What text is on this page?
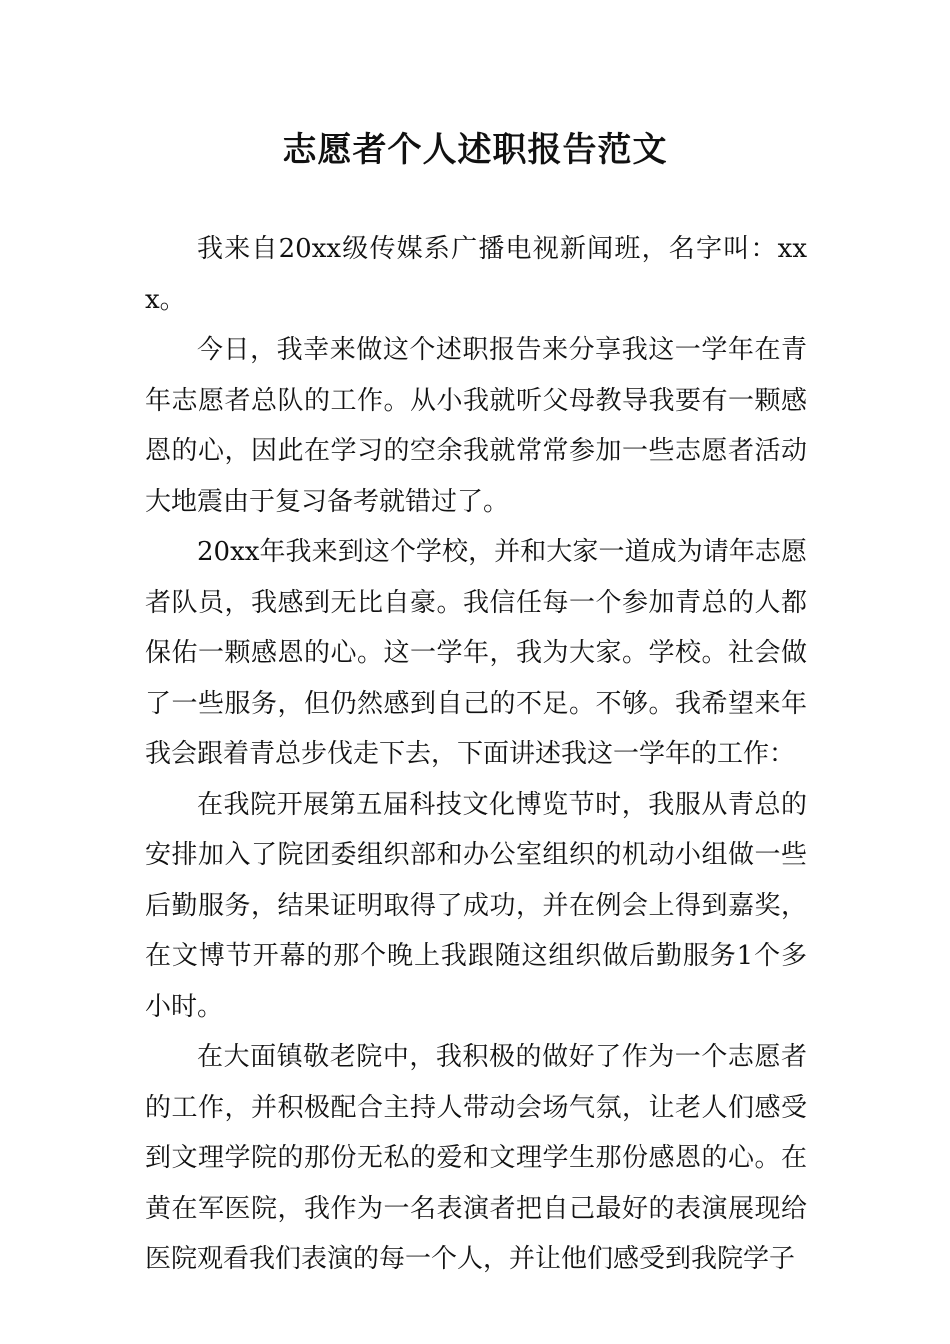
志愿者个人述职报告范文

我来自20xx级传媒系广播电视新闻班，名字叫：xxx。

今日，我幸来做这个述职报告来分享我这一学年在青年志愿者总队的工作。从小我就听父母教导我要有一颗感恩的心，因此在学习的空余我就常常参加一些志愿者活动大地震由于复习备考就错过了。

20xx年我来到这个学校，并和大家一道成为请年志愿者队员，我感到无比自豪。我信任每一个参加青总的人都保佑一颗感恩的心。这一学年，我为大家。学校。社会做了一些服务，但仍然感到自己的不足。不够。我希望来年我会跟着青总步伐走下去，下面讲述我这一学年的工作：

在我院开展第五届科技文化博览节时，我服从青总的安排加入了院团委组织部和办公室组织的机动小组做一些后勤服务，结果证明取得了成功，并在例会上得到嘉奖，在文博节开幕的那个晚上我跟随这组织做后勤服务1个多小时。

在大面镇敬老院中，我积极的做好了作为一个志愿者的工作，并积极配合主持人带动会场气氛，让老人们感受到文理学院的那份无私的爱和文理学生那份感恩的心。在黄在军医院，我作为一名表演者把自己最好的表演展现给医院观看我们表演的每一个人，并让他们感受到我院学子
